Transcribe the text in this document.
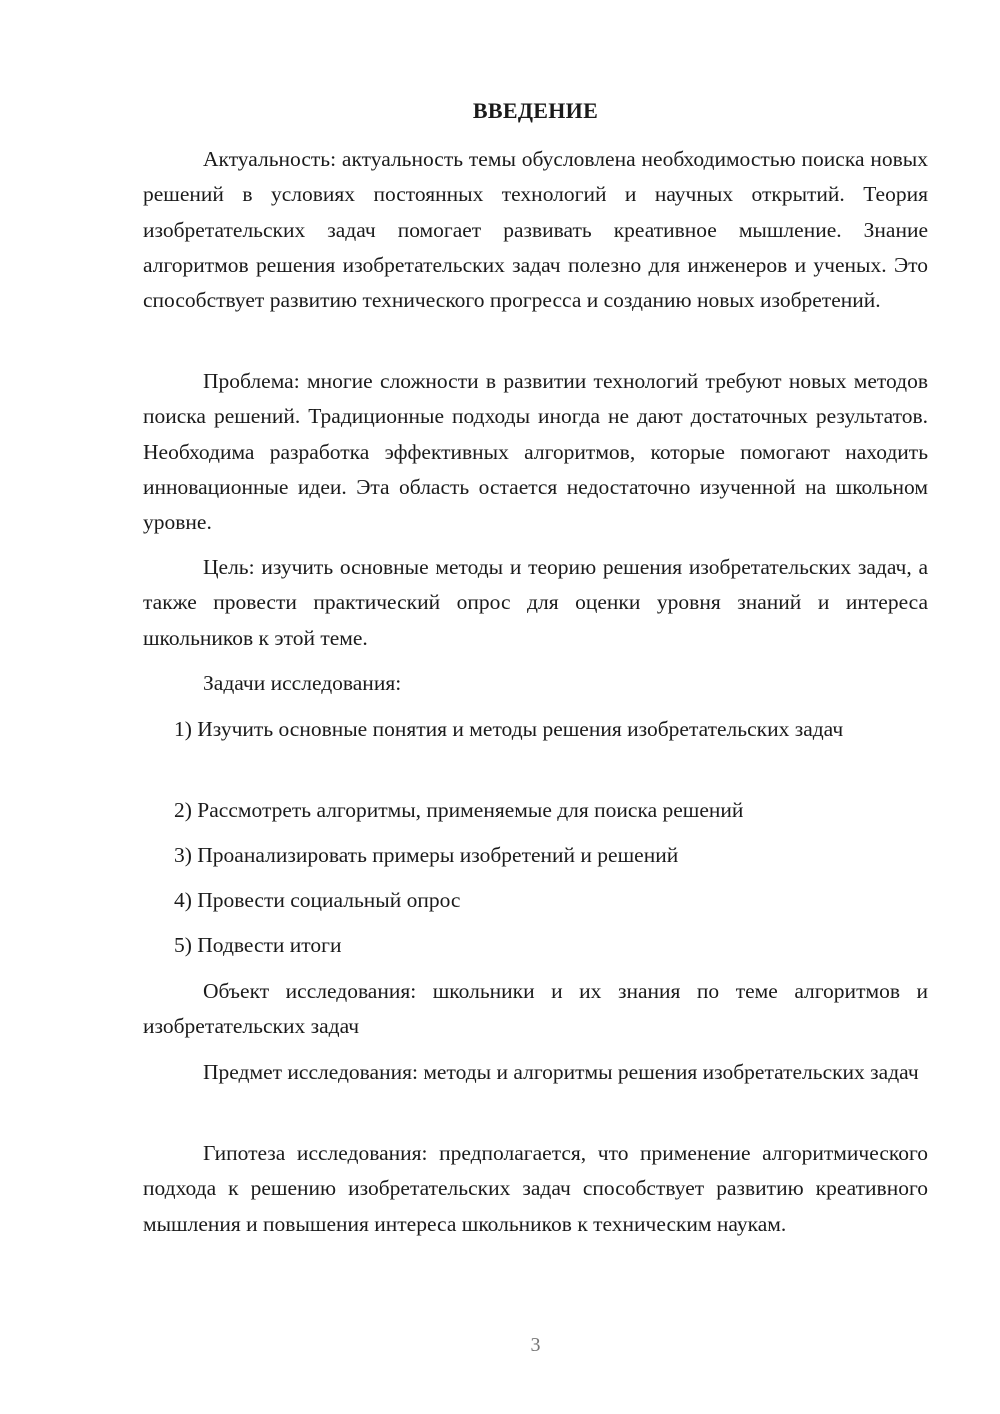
ВВЕДЕНИЕ

Актуальность: актуальность темы обусловлена необходимостью поиска новых решений в условиях постоянных технологий и научных открытий. Теория изобретательских задач помогает развивать креативное мышление. Знание алгоритмов решения изобретательских задач полезно для инженеров и ученых. Это способствует развитию технического прогресса и созданию новых изобретений.

Проблема: многие сложности в развитии технологий требуют новых методов поиска решений. Традиционные подходы иногда не дают достаточных результатов. Необходима разработка эффективных алгоритмов, которые помогают находить инновационные идеи. Эта область остается недостаточно изученной на школьном уровне.

Цель: изучить основные методы и теорию решения изобретательских задач, а также провести практический опрос для оценки уровня знаний и интереса школьников к этой теме.

Задачи исследования:

1) Изучить основные понятия и методы решения изобретательских задач

2) Рассмотреть алгоритмы, применяемые для поиска решений

3) Проанализировать примеры изобретений и решений

4) Провести социальный опрос

5) Подвести итоги

Объект исследования: школьники и их знания по теме алгоритмов и изобретательских задач

Предмет исследования: методы и алгоритмы решения изобретательских задач

Гипотеза исследования: предполагается, что применение алгоритмического подхода к решению изобретательских задач способствует развитию креативного мышления и повышения интереса школьников к техническим наукам.

3
